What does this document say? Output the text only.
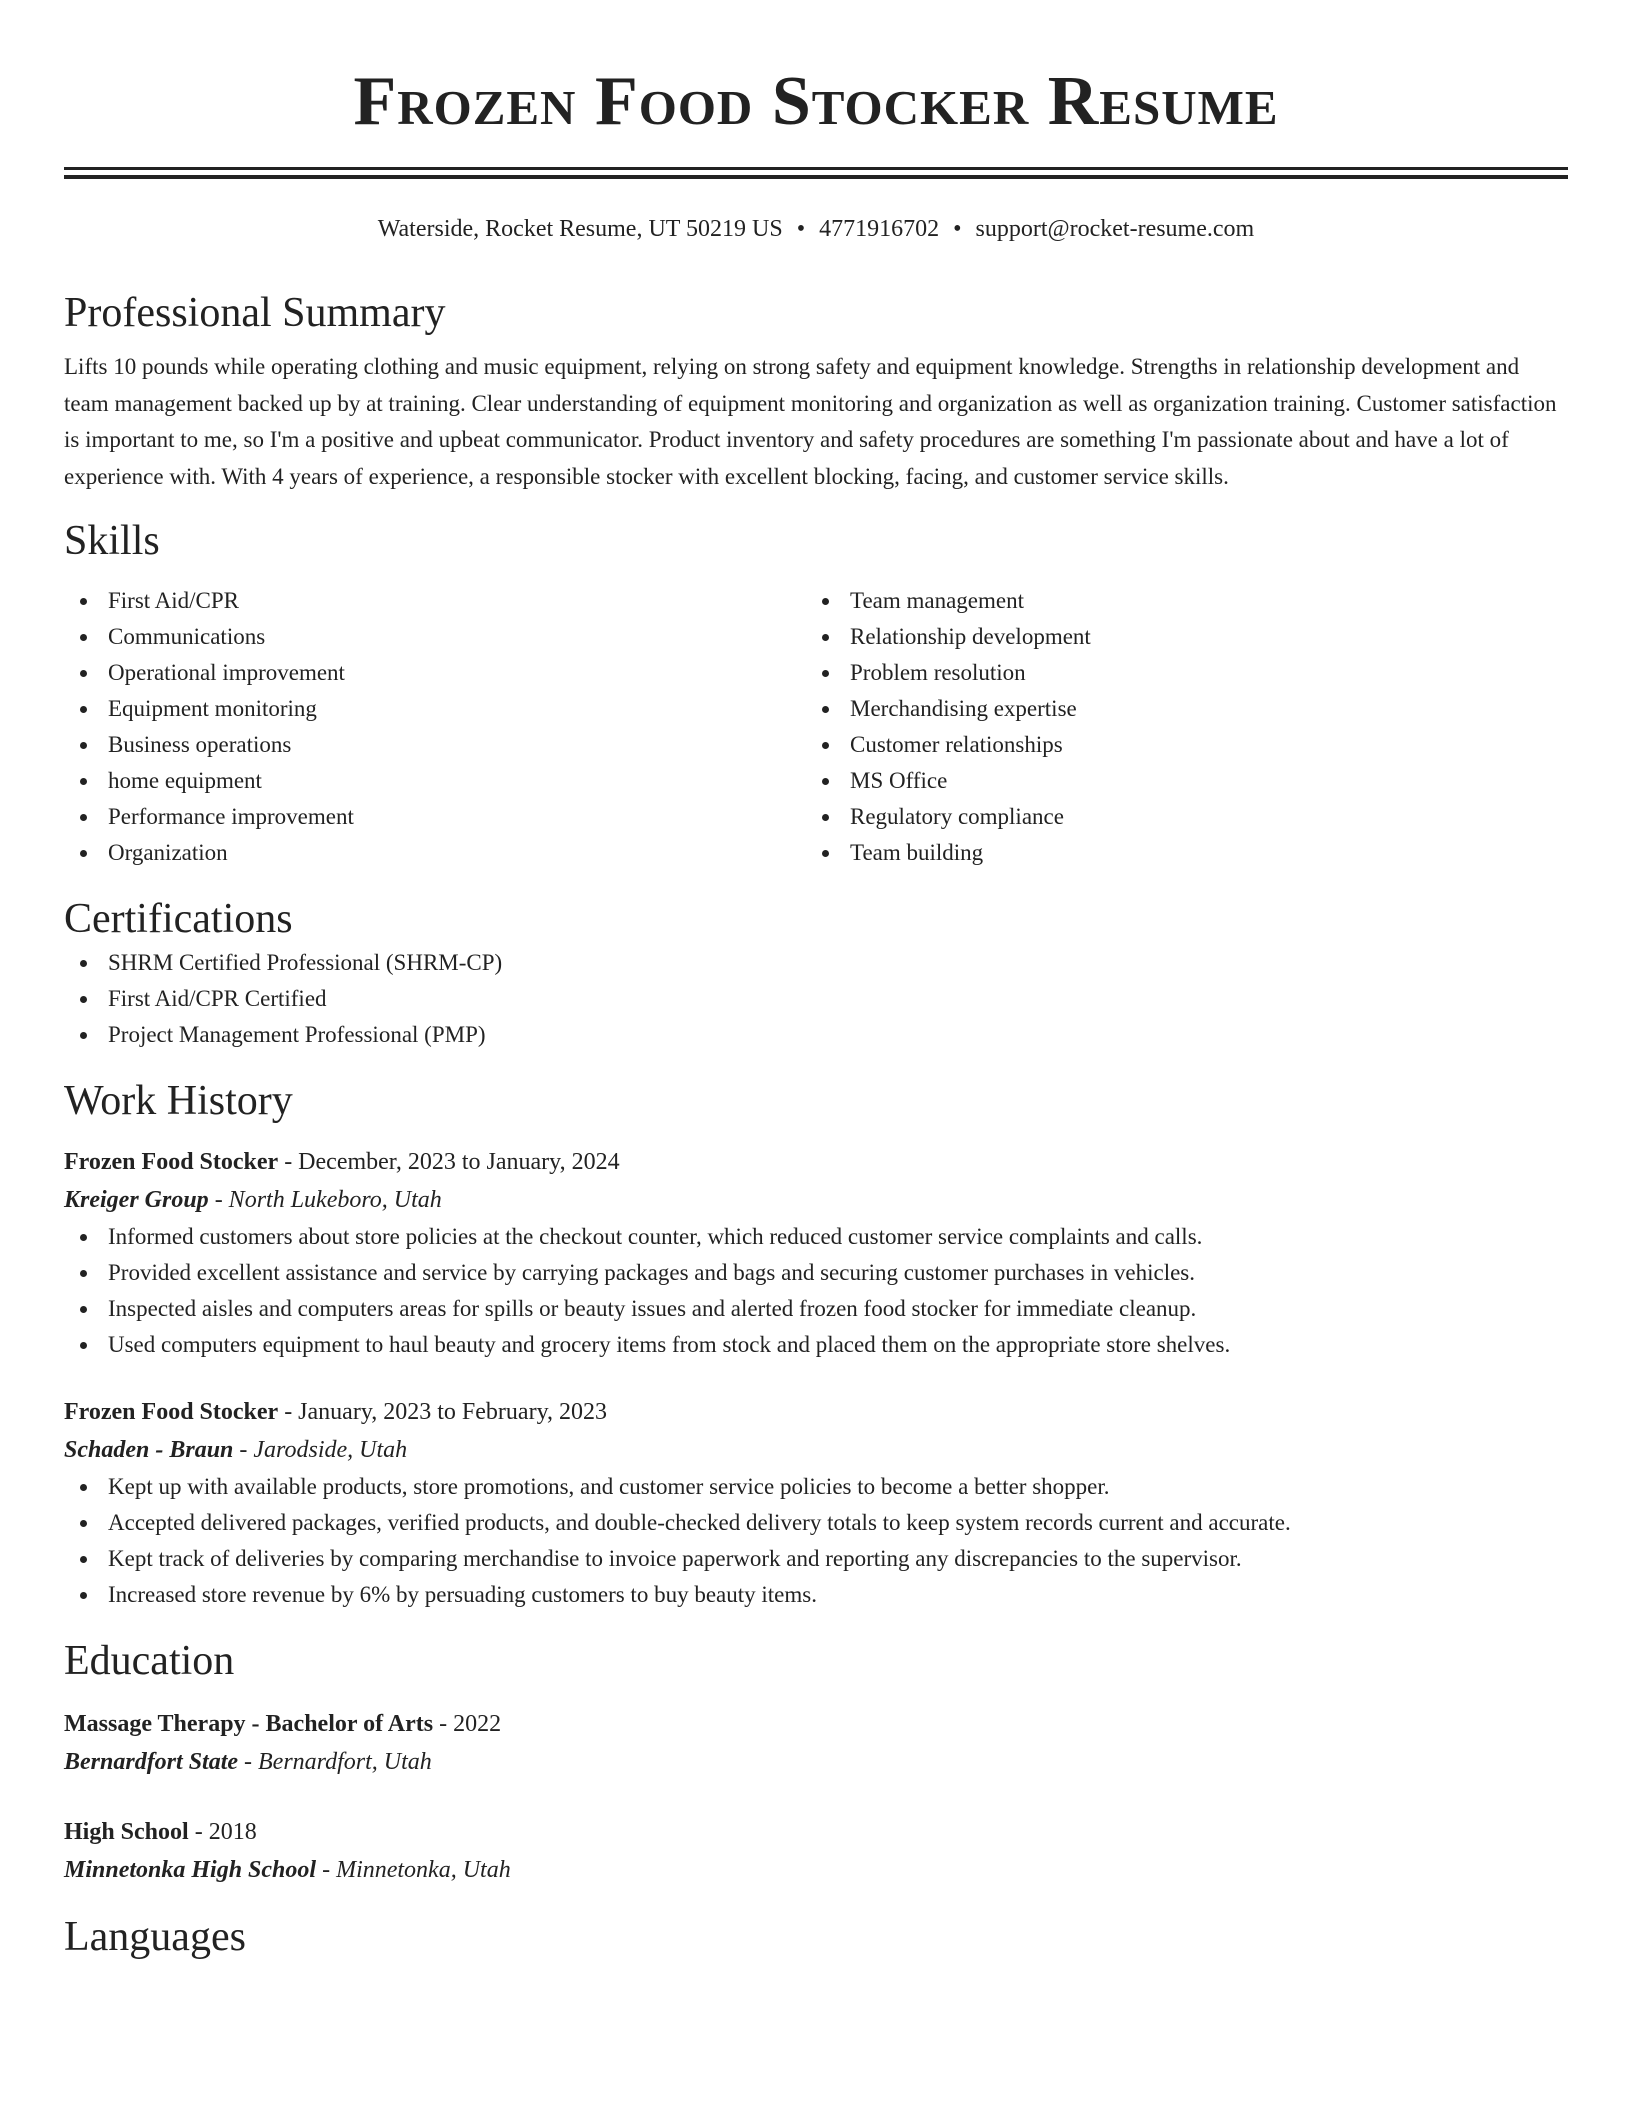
Frozen Food Stocker Resume
Waterside, Rocket Resume, UT 50219 US • 4771916702 • support@rocket-resume.com
Professional Summary

Lifts 10 pounds while operating clothing and music equipment, relying on strong safety and equipment knowledge. Strengths in relationship development and team management backed up by at training. Clear understanding of equipment monitoring and organization as well as organization training. Customer satisfaction is important to me, so I'm a positive and upbeat communicator. Product inventory and safety procedures are something I'm passionate about and have a lot of experience with. With 4 years of experience, a responsible stocker with excellent blocking, facing, and customer service skills.

Skills
First Aid/CPR
Communications
Operational improvement
Equipment monitoring
Business operations
home equipment
Performance improvement
Organization
Team management
Relationship development
Problem resolution
Merchandising expertise
Customer relationships
MS Office
Regulatory compliance
Team building
Certifications
SHRM Certified Professional (SHRM-CP)
First Aid/CPR Certified
Project Management Professional (PMP)
Work History
Frozen Food Stocker - December, 2023 to January, 2024
Kreiger Group - North Lukeboro, Utah
Informed customers about store policies at the checkout counter, which reduced customer service complaints and calls.
Provided excellent assistance and service by carrying packages and bags and securing customer purchases in vehicles.
Inspected aisles and computers areas for spills or beauty issues and alerted frozen food stocker for immediate cleanup.
Used computers equipment to haul beauty and grocery items from stock and placed them on the appropriate store shelves.
Frozen Food Stocker - January, 2023 to February, 2023
Schaden - Braun - Jarodside, Utah
Kept up with available products, store promotions, and customer service policies to become a better shopper.
Accepted delivered packages, verified products, and double-checked delivery totals to keep system records current and accurate.
Kept track of deliveries by comparing merchandise to invoice paperwork and reporting any discrepancies to the supervisor.
Increased store revenue by 6% by persuading customers to buy beauty items.
Education
Massage Therapy - Bachelor of Arts - 2022
Bernardfort State - Bernardfort, Utah
High School - 2018
Minnetonka High School - Minnetonka, Utah
Languages
